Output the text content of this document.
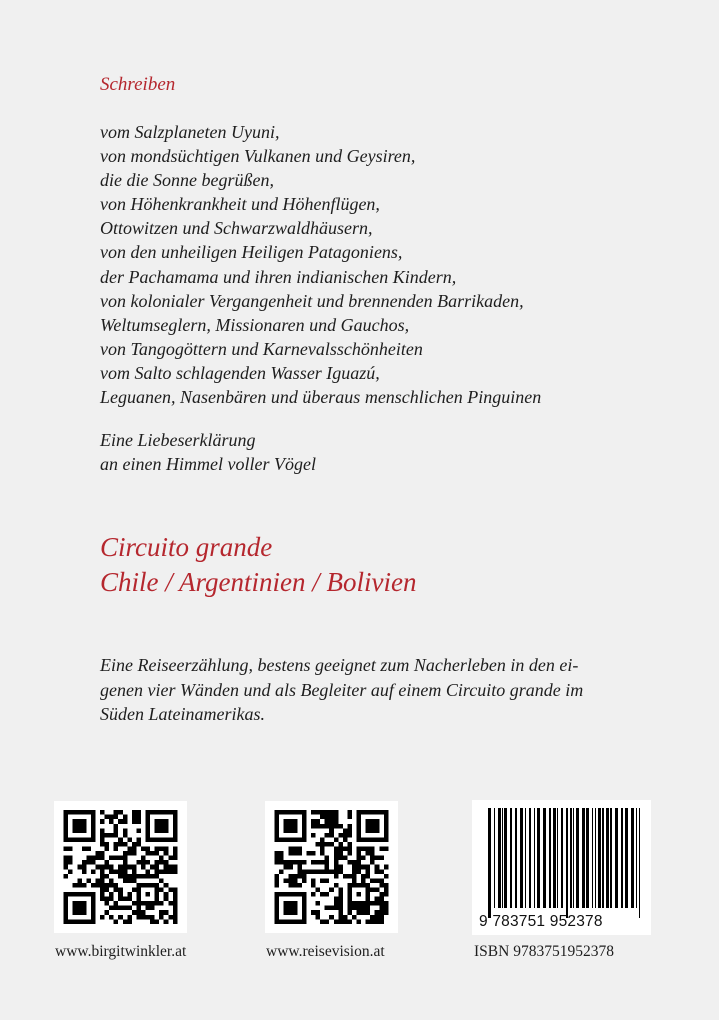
Schreiben
vom Salzplaneten Uyuni,
von mondsüchtigen Vulkanen und Geysiren,
die die Sonne begrüßen,
von Höhenkrankheit und Höhenflügen,
Ottowitzen und Schwarzwaldhäusern,
von den unheiligen Heiligen Patagoniens,
der Pachamama und ihren indianischen Kindern,
von kolonialer Vergangenheit und brennenden Barrikaden,
Weltumseglern, Missionaren und Gauchos,
von Tangogöttern und Karnevalsschönheiten
vom Salto schlagenden Wasser Iguazú,
Leguanen, Nasenbären und überaus menschlichen Pinguinen
Eine Liebeserklärung
an einen Himmel voller Vögel
Circuito grande
Chile / Argentinien / Bolivien

Eine Reiseerzählung, bestens geeignet zum Nacherleben in den ei-
genen vier Wänden und als Begleiter auf einem Circuito grande im
Süden Lateinamerikas.

www.birgitwinkler.at	www.reisevision.at
9 783751 952378
ISBN 9783751952378
